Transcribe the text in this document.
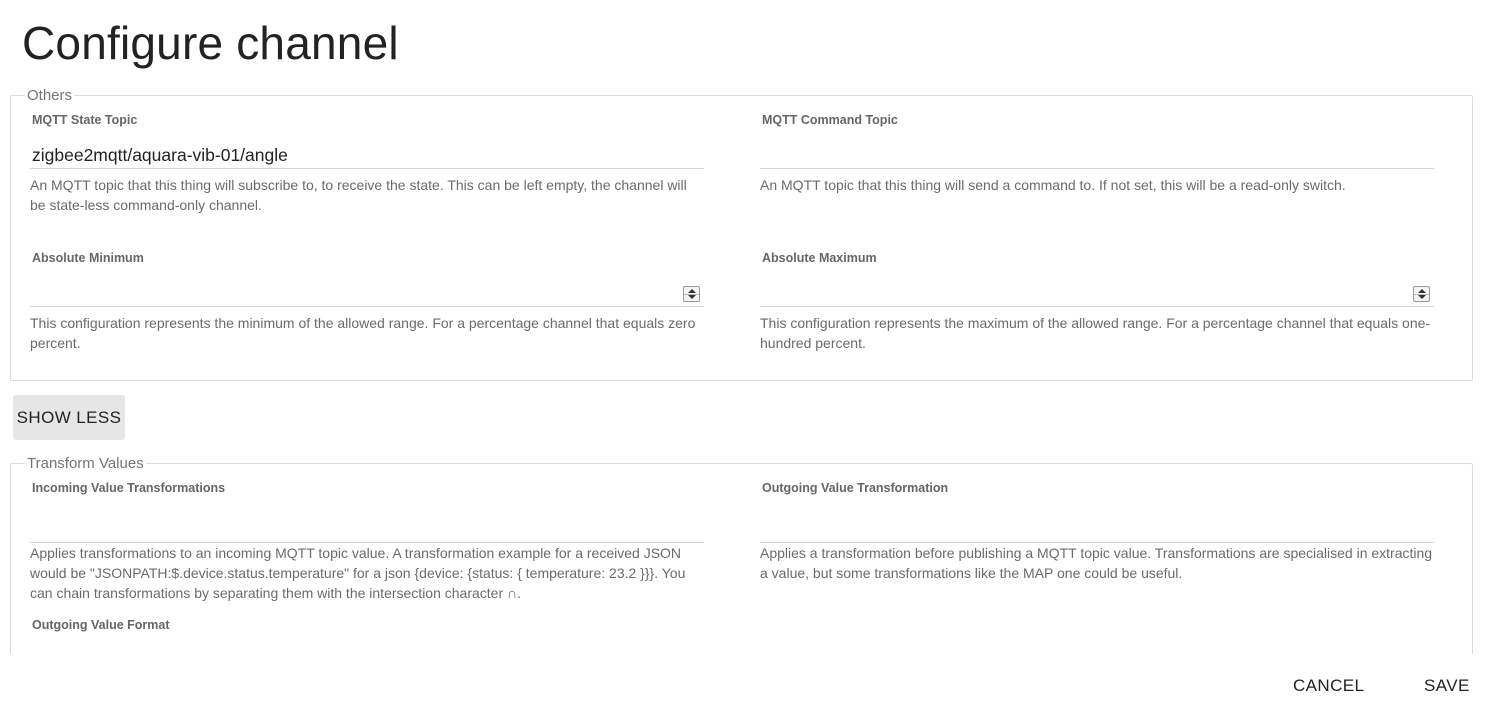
Configure channel
Others
MQTT State Topic
zigbee2mqtt/aquara-vib-01/angle
An MQTT topic that this thing will subscribe to, to receive the state. This can be left empty, the channel will be state-less command-only channel.
MQTT Command Topic
An MQTT topic that this thing will send a command to. If not set, this will be a read-only switch.
Absolute Minimum
This configuration represents the minimum of the allowed range. For a percentage channel that equals zero percent.
Absolute Maximum
This configuration represents the maximum of the allowed range. For a percentage channel that equals one-hundred percent.
SHOW LESS
Transform Values
Incoming Value Transformations
Applies transformations to an incoming MQTT topic value. A transformation example for a received JSON would be "JSONPATH:$.device.status.temperature" for a json {device: {status: { temperature: 23.2 }}}. You can chain transformations by separating them with the intersection character ∩.
Outgoing Value Transformation
Applies a transformation before publishing a MQTT topic value. Transformations are specialised in extracting a value, but some transformations like the MAP one could be useful.
Outgoing Value Format
CANCEL	SAVE
